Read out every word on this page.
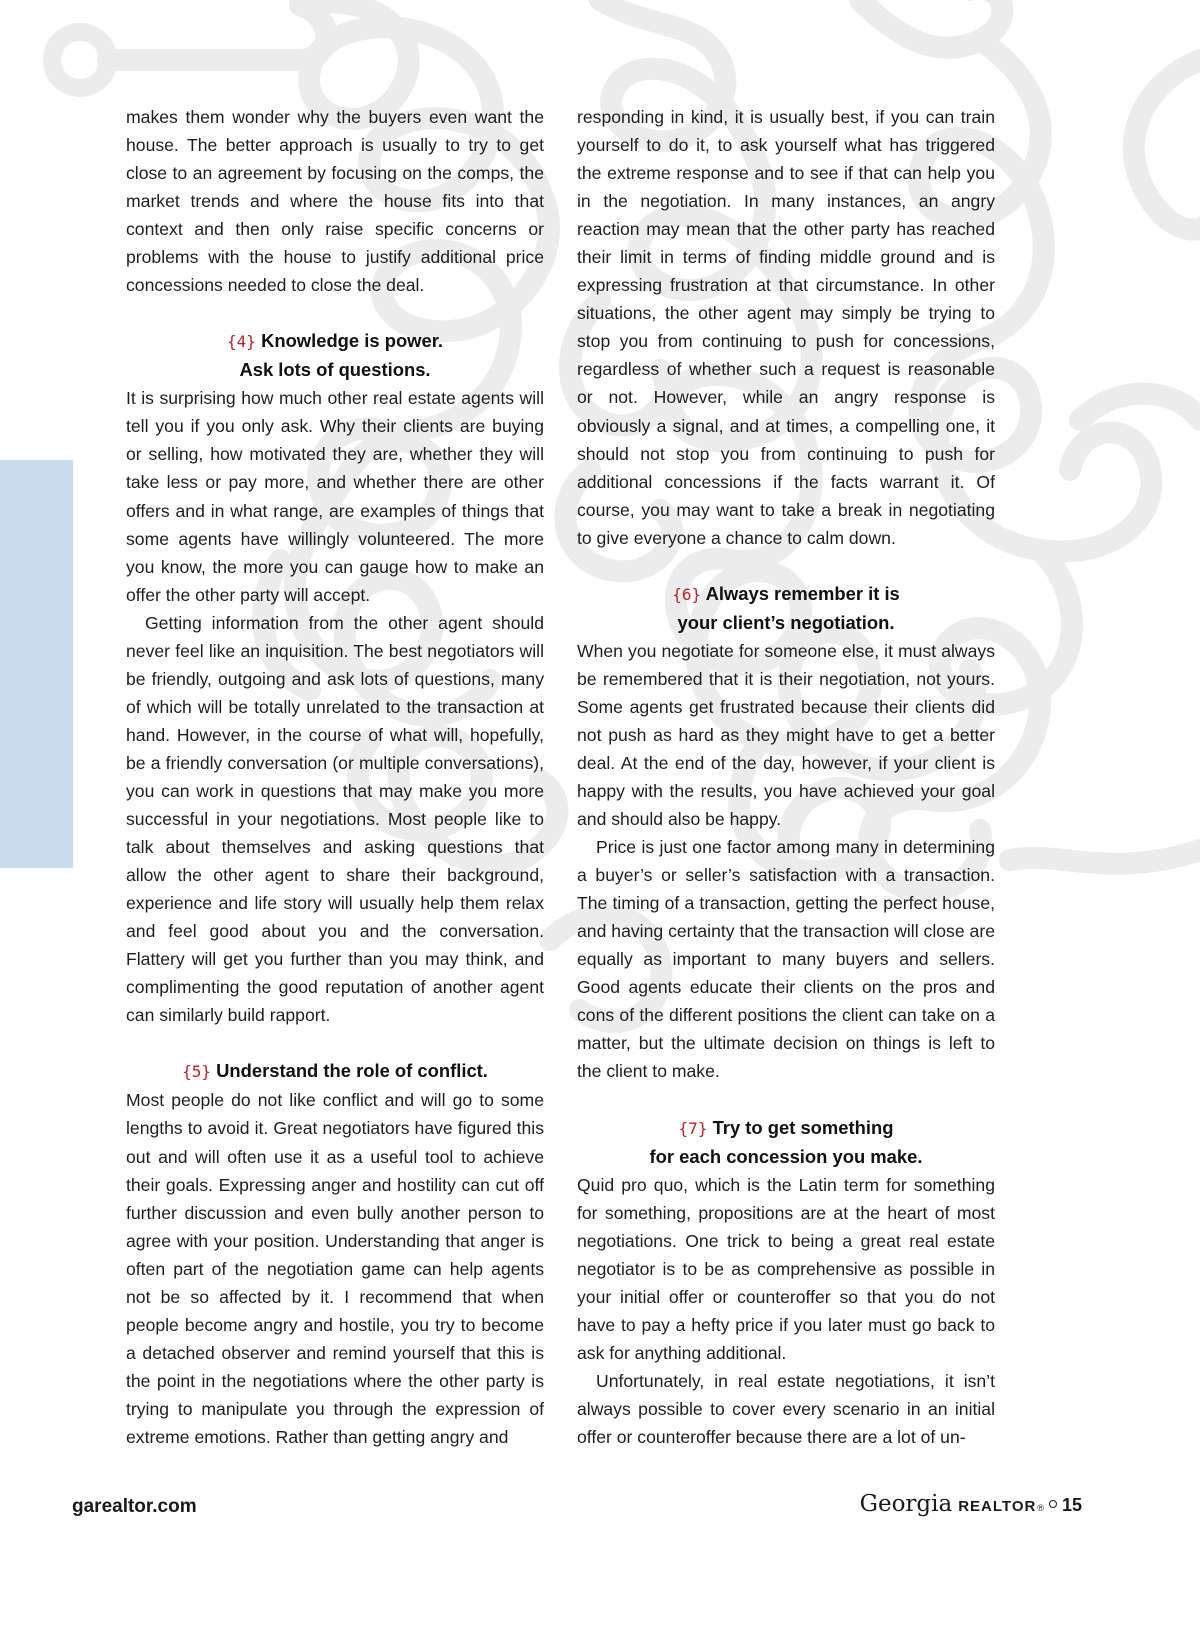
makes them wonder why the buyers even want the house. The better approach is usually to try to get close to an agreement by focusing on the comps, the market trends and where the house fits into that context and then only raise specific concerns or problems with the house to justify additional price concessions needed to close the deal.

{4} Knowledge is power.
Ask lots of questions.

It is surprising how much other real estate agents will tell you if you only ask. Why their clients are buying or selling, how motivated they are, whether they will take less or pay more, and whether there are other offers and in what range, are examples of things that some agents have willingly volunteered. The more you know, the more you can gauge how to make an offer the other party will accept.

Getting information from the other agent should never feel like an inquisition. The best negotiators will be friendly, outgoing and ask lots of questions, many of which will be totally unrelated to the transaction at hand. However, in the course of what will, hopefully, be a friendly conversation (or multiple conversations), you can work in questions that may make you more successful in your negotiations. Most people like to talk about themselves and asking questions that allow the other agent to share their background, experience and life story will usually help them relax and feel good about you and the conversation. Flattery will get you further than you may think, and complimenting the good reputation of another agent can similarly build rapport.

{5} Understand the role of conflict.

Most people do not like conflict and will go to some lengths to avoid it. Great negotiators have figured this out and will often use it as a useful tool to achieve their goals. Expressing anger and hostility can cut off further discussion and even bully another person to agree with your position. Understanding that anger is often part of the negotiation game can help agents not be so affected by it. I recommend that when people become angry and hostile, you try to become a detached observer and remind yourself that this is the point in the negotiations where the other party is trying to manipulate you through the expression of extreme emotions. Rather than getting angry and

responding in kind, it is usually best, if you can train yourself to do it, to ask yourself what has triggered the extreme response and to see if that can help you in the negotiation. In many instances, an angry reaction may mean that the other party has reached their limit in terms of finding middle ground and is expressing frustration at that circumstance. In other situations, the other agent may simply be trying to stop you from continuing to push for concessions, regardless of whether such a request is reasonable or not. However, while an angry response is obviously a signal, and at times, a compelling one, it should not stop you from continuing to push for additional concessions if the facts warrant it. Of course, you may want to take a break in negotiating to give everyone a chance to calm down.

{6} Always remember it is
your client’s negotiation.

When you negotiate for someone else, it must always be remembered that it is their negotiation, not yours. Some agents get frustrated because their clients did not push as hard as they might have to get a better deal. At the end of the day, however, if your client is happy with the results, you have achieved your goal and should also be happy.

Price is just one factor among many in determining a buyer’s or seller’s satisfaction with a transaction. The timing of a transaction, getting the perfect house, and having certainty that the transaction will close are equally as important to many buyers and sellers. Good agents educate their clients on the pros and cons of the different positions the client can take on a matter, but the ultimate decision on things is left to the client to make.

{7} Try to get something
for each concession you make.

Quid pro quo, which is the Latin term for something for something, propositions are at the heart of most negotiations. One trick to being a great real estate negotiator is to be as comprehensive as possible in your initial offer or counteroffer so that you do not have to pay a hefty price if you later must go back to ask for anything additional.

Unfortunately, in real estate negotiations, it isn’t always possible to cover every scenario in an initial offer or counteroffer because there are a lot of un-

garealtor.com	Georgia REALTOR ® 15
